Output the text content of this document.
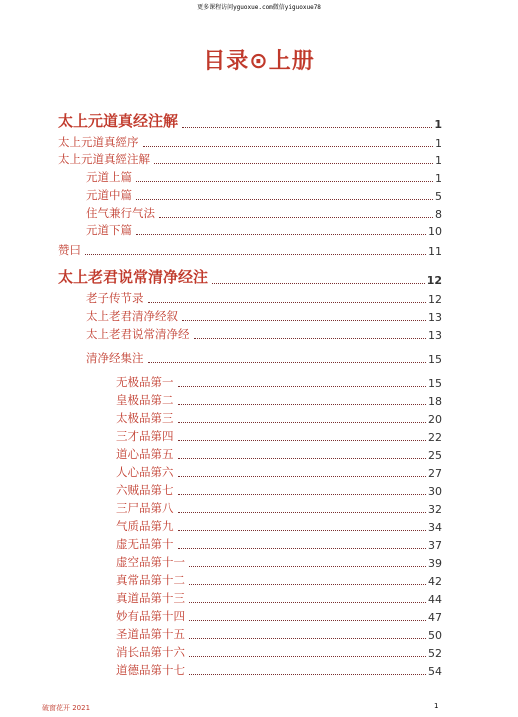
更多课程访问yguoxue.com微信yiguoxue78
目录⊙上册
太上元道真经注解	1
太上元道真經序	1
太上元道真經注解	1
元道上篇	1
元道中篇	5
住气兼行气法	8
元道下篇	10
赞曰	11
太上老君说常清净经注	12
老子传节录	12
太上老君清净经叙	13
太上老君说常清净经	13
清净经集注	15
无极品第一	15
皇极品第二	18
太极品第三	20
三才品第四	22
道心品第五	25
人心品第六	27
六贼品第七	30
三尸品第八	32
气质品第九	34
虚无品第十	37
虚空品第十一	39
真常品第十二	42
真道品第十三	44
妙有品第十四	47
圣道品第十五	50
消长品第十六	52
道德品第十七	54
破窗花开 2021	1
